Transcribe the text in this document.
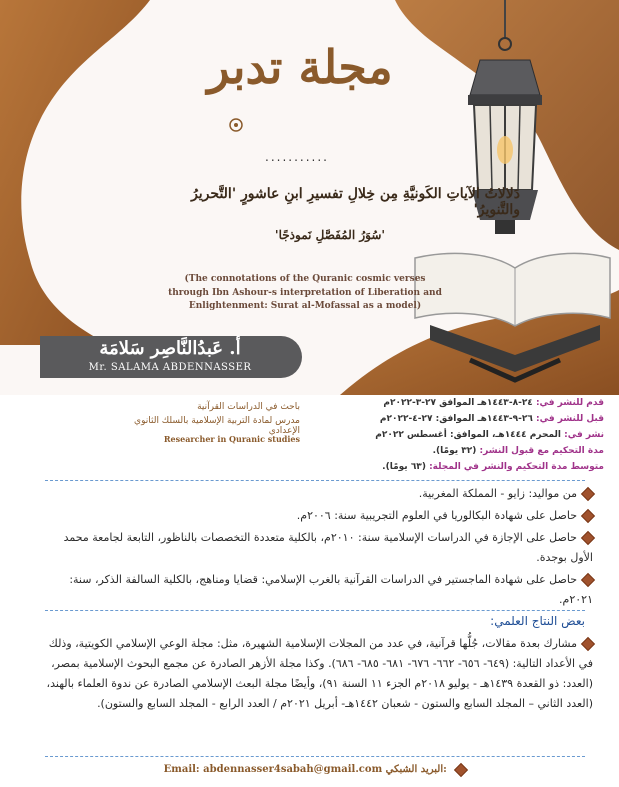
مجلة تدبر
...........
دَلالاتُ الآياتِ الكَونيَّةِ مِن خِلالِ تفسيرِ ابنِ عاشورٍ 'التَّحريرُ والتَّنويرُ'
'سُوَرُ المُفَصَّلِ نَموذجًا'
(The connotations of the Quranic cosmic verses
through Ibn Ashour-s interpretation of Liberation and
Enlightenment: Surat al-Mofassal as a model)
أ. عَبدُالنَّاصِر سَلامَة
Mr. SALAMA ABDENNASSER
قدم للنشر في: ٢٤-٨-١٤٤٣هـ الموافق ٢٧-٣-٢٠٢٢م
قبل للنشر في: ٢٦-٩-١٤٤٣هـ الموافق: ٢٧-٤-٢٠٢٢م
نشر في: المحرم ١٤٤٤هـ، الموافق: أغسطس ٢٠٢٢م
مدة التحكيم مع قبول النشر: (٣٢ يومًا).
متوسط مدة التحكيم والنشر في المجلة: (٦٣ يومًا).
باحث في الدراسات القرآنية
مدرس لمادة التربية الإسلامية بالسلك الثانوي الإعدادي
Researcher in Quranic studies
من مواليد: زايو - المملكة المغربية.
حاصل على شهادة البكالوريا في العلوم التجريبية سنة: ٢٠٠٦م.
حاصل على الإجازة في الدراسات الإسلامية سنة: ٢٠١٠م، بالكلية متعددة التخصصات بالناظور، التابعة لجامعة محمد الأول بوجدة.
حاصل على شهادة الماجستير في الدراسات القرآنية بالغرب الإسلامي: قضايا ومناهج، بالكلية السالفة الذكر، سنة: ٢٠٢١م.
بعض النتاج العلمي:
مشارك بعدة مقالات، جُلُّها قرآنية، في عدد من المجلات الإسلامية الشهيرة، مثل: مجلة الوعي الإسلامي الكويتية، وذلك في الأعداد التالية: (٦٤٩- ٦٥٦- ٦٦٢- ٦٧٦- ٦٨١- ٦٨٥- ٦٨٦). وكذا مجلة الأزهر الصادرة عن مجمع البحوث الإسلامية بمصر، (العدد: ذو القعدة ١٤٣٩هـ - يوليو ٢٠١٨م الجزء ١١ السنة ٩١)، وأيضًا مجلة البعث الإسلامي الصادرة عن ندوة العلماء بالهند، (العدد الثاني – المجلد السابع والستون - شعبان ١٤٤٢هـ- أبريل ٢٠٢١م / العدد الرابع - المجلد السابع والستون).
Email: abdennasser4sabah@gmail.com البريد الشبكي:
